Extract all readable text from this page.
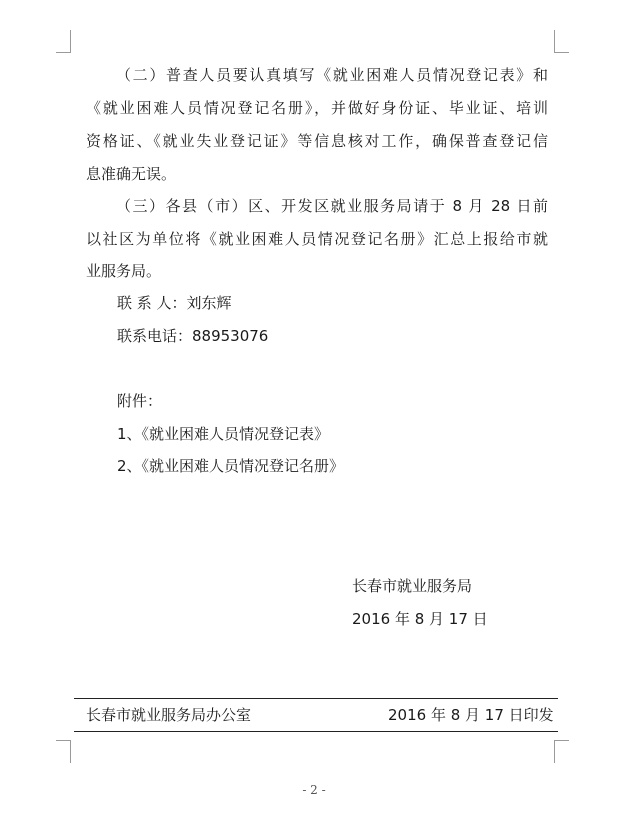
（二）普查人员要认真填写《就业困难人员情况登记表》和
《就业困难人员情况登记名册》，并做好身份证、毕业证、培训
资格证、《就业失业登记证》等信息核对工作，确保普查登记信
息准确无误。
（三）各县（市）区、开发区就业服务局请于 8 月 28 日前
以社区为单位将《就业困难人员情况登记名册》汇总上报给市就
业服务局。
联 系 人：刘东辉
联系电话：88953076
附件：
1、《就业困难人员情况登记表》
2、《就业困难人员情况登记名册》
长春市就业服务局
2016 年 8 月 17 日
长春市就业服务局办公室	2016 年 8 月 17 日印发
- 2 -
